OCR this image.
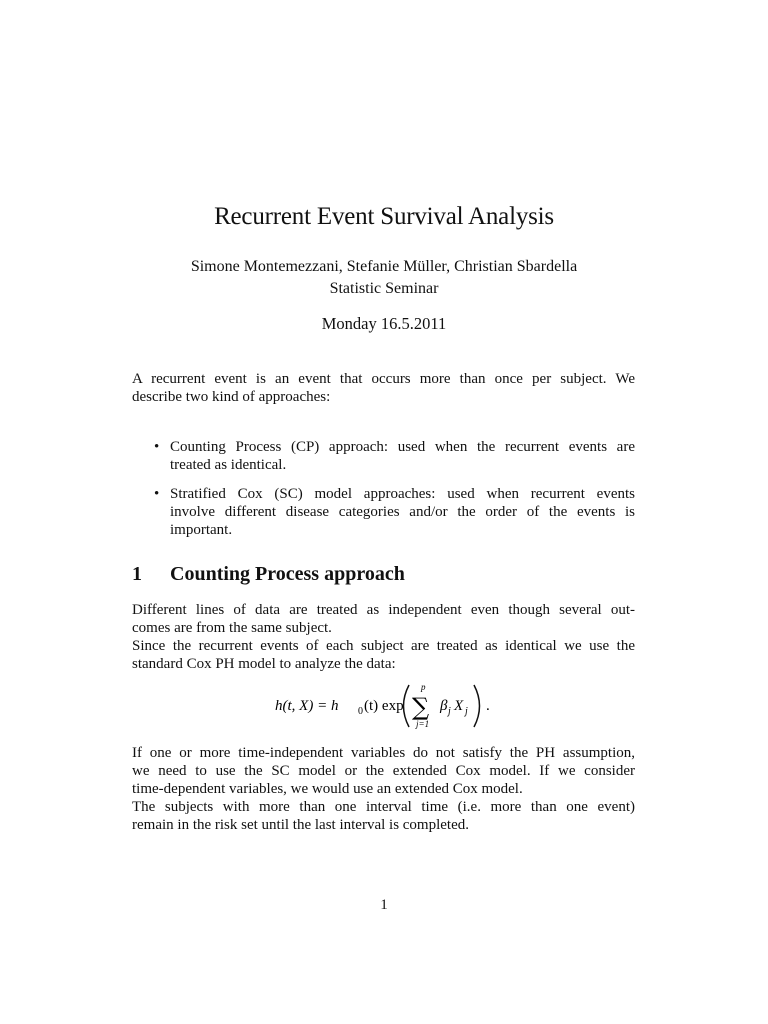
Recurrent Event Survival Analysis
Simone Montemezzani, Stefanie Müller, Christian Sbardella
Statistic Seminar
Monday 16.5.2011
A recurrent event is an event that occurs more than once per subject. We
describe two kind of approaches:
• Counting Process (CP) approach: used when the recurrent events are
treated as identical.
• Stratified Cox (SC) model approaches: used when recurrent events
involve different disease categories and/or the order of the events is
important.
1 Counting Process approach
Different lines of data are treated as independent even though several out-
comes are from the same subject.
Since the recurrent events of each subject are treated as identical we use the
standard Cox PH model to analyze the data:
h(t, X) = h 0 (t) exp
p
∑
j=1
β j X j .
If one or more time-independent variables do not satisfy the PH assumption,
we need to use the SC model or the extended Cox model. If we consider
time-dependent variables, we would use an extended Cox model.
The subjects with more than one interval time (i.e. more than one event)
remain in the risk set until the last interval is completed.
1
